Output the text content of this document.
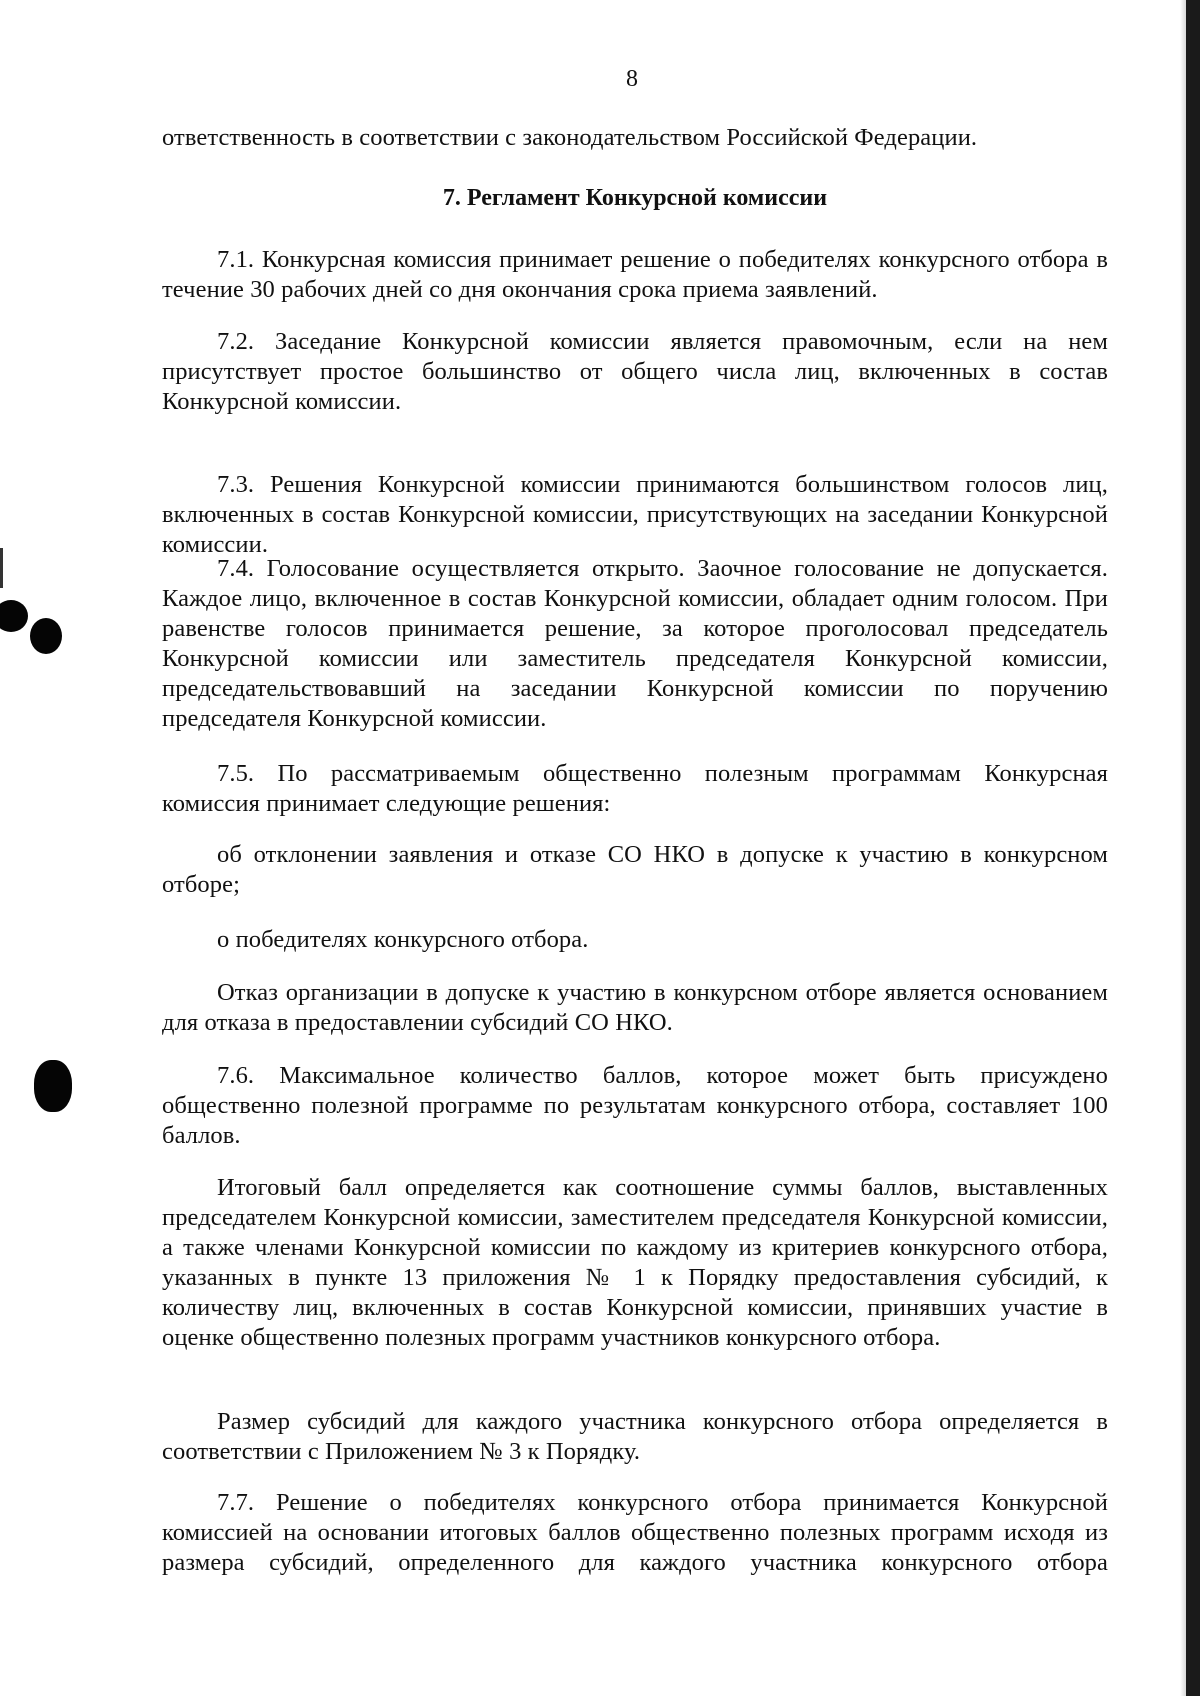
8
ответственность в соответствии с законодательством Российской Федерации.
7. Регламент Конкурсной комиссии
7.1. Конкурсная комиссия принимает решение о победителях конкурсного отбора в течение 30 рабочих дней со дня окончания срока приема заявлений.
7.2. Заседание Конкурсной комиссии является правомочным, если на нем присутствует простое большинство от общего числа лиц, включенных в состав Конкурсной комиссии.
7.3. Решения Конкурсной комиссии принимаются большинством голосов лиц, включенных в состав Конкурсной комиссии, присутствующих на заседании Конкурсной комиссии.
7.4. Голосование осуществляется открыто. Заочное голосование не допускается. Каждое лицо, включенное в состав Конкурсной комиссии, обладает одним голосом. При равенстве голосов принимается решение, за которое проголосовал председатель Конкурсной комиссии или заместитель председателя Конкурсной комиссии, председательствовавший на заседании Конкурсной комиссии по поручению председателя Конкурсной комиссии.
7.5. По рассматриваемым общественно полезным программам Конкурсная комиссия принимает следующие решения:
об отклонении заявления и отказе СО НКО в допуске к участию в конкурсном отборе;
о победителях конкурсного отбора.
Отказ организации в допуске к участию в конкурсном отборе является основанием для отказа в предоставлении субсидий СО НКО.
7.6. Максимальное количество баллов, которое может быть присуждено общественно полезной программе по результатам конкурсного отбора, составляет 100 баллов.
Итоговый балл определяется как соотношение суммы баллов, выставленных председателем Конкурсной комиссии, заместителем председателя Конкурсной комиссии, а также членами Конкурсной комиссии по каждому из критериев конкурсного отбора, указанных в пункте 13 приложения № 1 к Порядку предоставления субсидий, к количеству лиц, включенных в состав Конкурсной комиссии, принявших участие в оценке общественно полезных программ участников конкурсного отбора.
Размер субсидий для каждого участника конкурсного отбора определяется в соответствии с Приложением № 3 к Порядку.
7.7. Решение о победителях конкурсного отбора принимается Конкурсной комиссией на основании итоговых баллов общественно полезных программ исходя из размера субсидий, определенного для каждого участника конкурсного отбора
